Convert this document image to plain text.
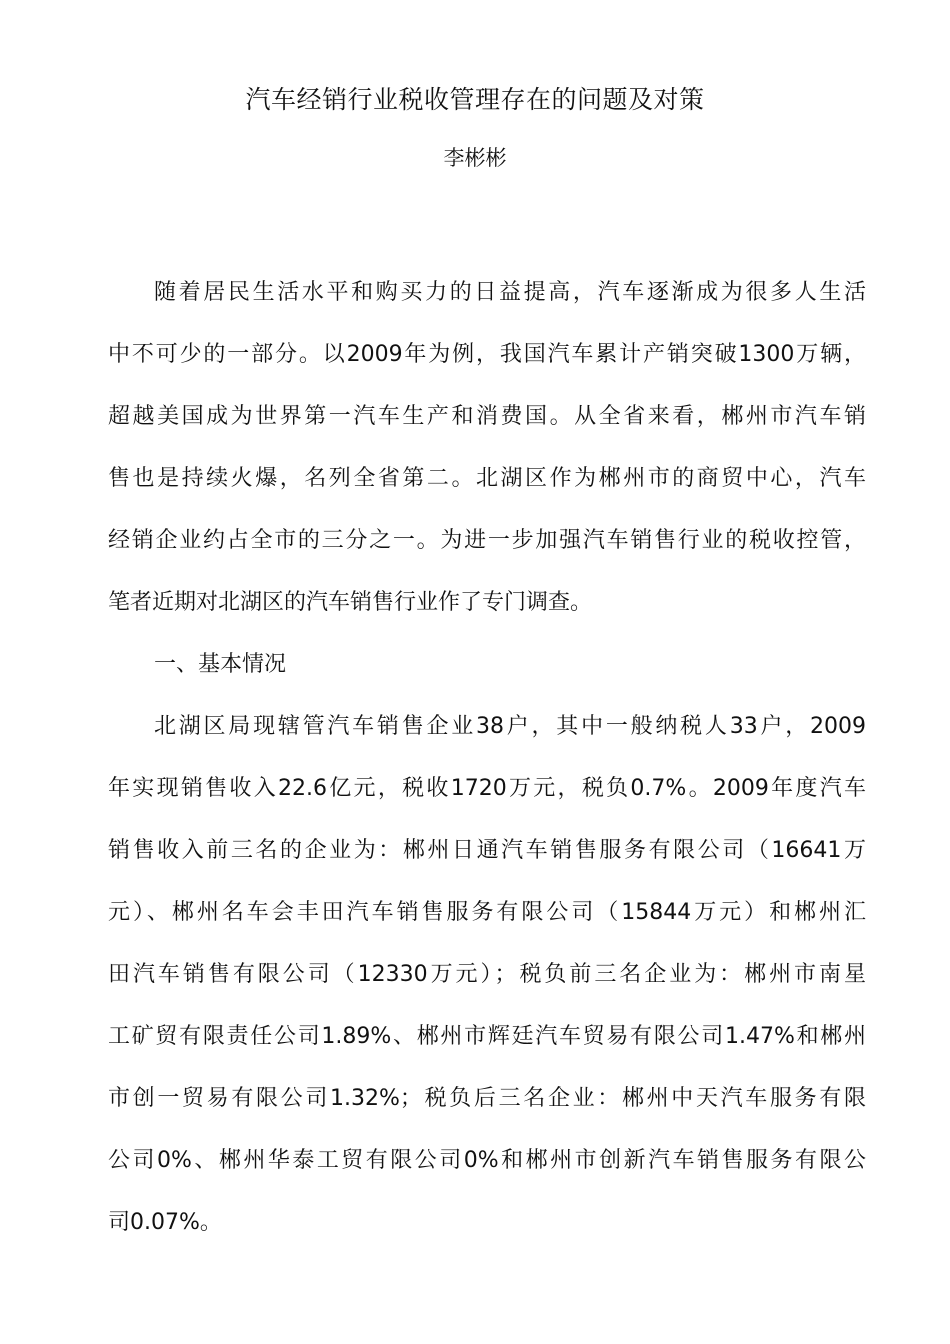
汽车经销行业税收管理存在的问题及对策
李彬彬
随着居民生活水平和购买力的日益提高，汽车逐渐成为很多人生活
中不可少的一部分。以2009年为例，我国汽车累计产销突破1300万辆，
超越美国成为世界第一汽车生产和消费国。从全省来看，郴州市汽车销
售也是持续火爆，名列全省第二。北湖区作为郴州市的商贸中心，汽车
经销企业约占全市的三分之一。为进一步加强汽车销售行业的税收控管，
笔者近期对北湖区的汽车销售行业作了专门调查。
一、基本情况
北湖区局现辖管汽车销售企业38户，其中一般纳税人33户，2009
年实现销售收入22.6亿元，税收1720万元，税负0.7%。2009年度汽车
销售收入前三名的企业为：郴州日通汽车销售服务有限公司（16641万
元）、郴州名车会丰田汽车销售服务有限公司（15844万元）和郴州汇
田汽车销售有限公司（12330万元）；税负前三名企业为：郴州市南星
工矿贸有限责任公司1.89%、郴州市辉廷汽车贸易有限公司1.47%和郴州
市创一贸易有限公司1.32%；税负后三名企业：郴州中天汽车服务有限
公司0%、郴州华泰工贸有限公司0%和郴州市创新汽车销售服务有限公
司0.07%。
